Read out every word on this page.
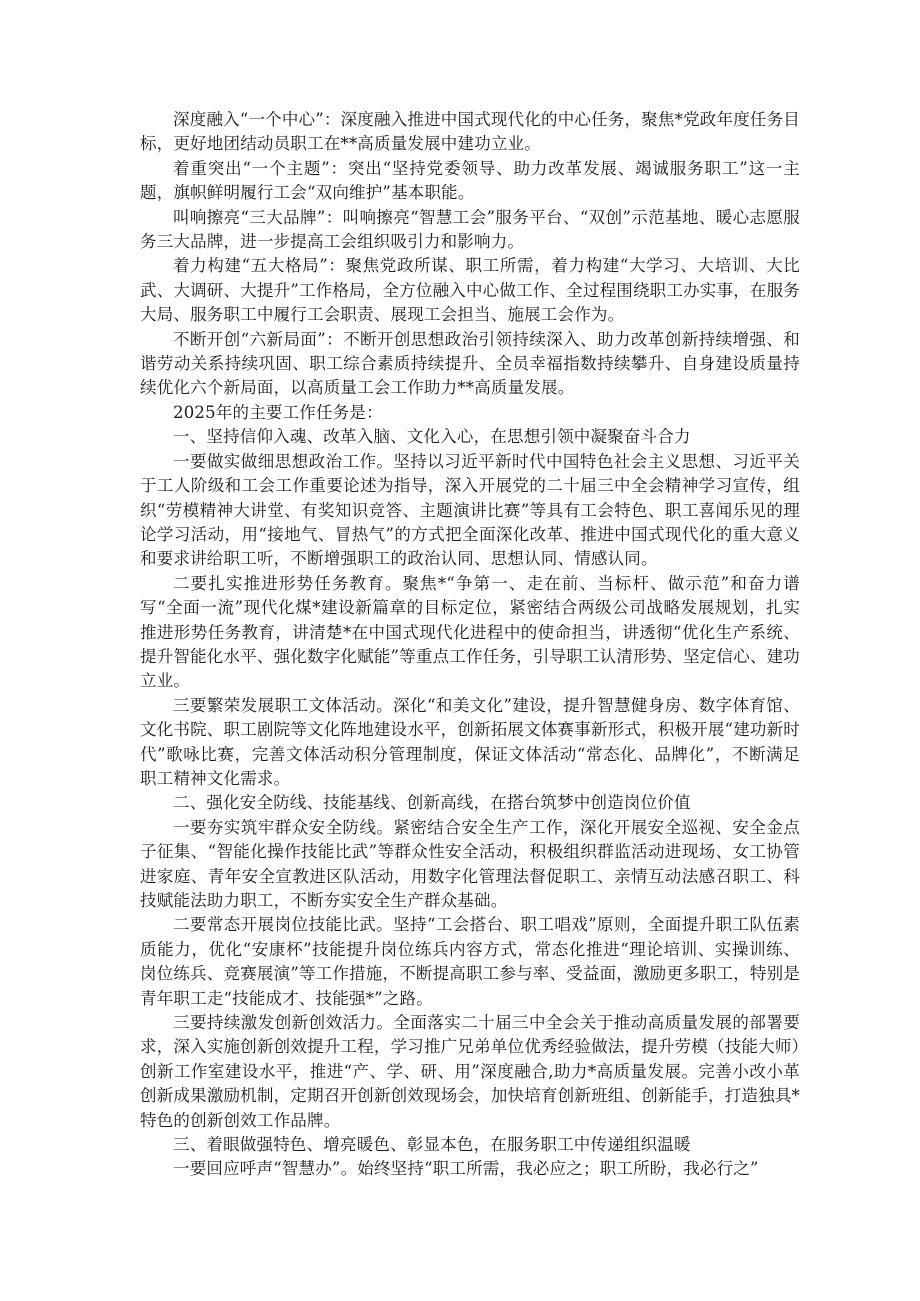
深度融入“一个中心”：深度融入推进中国式现代化的中心任务，聚焦*党政年度任务目标，更好地团结动员职工在**高质量发展中建功立业。

着重突出“一个主题”：突出“坚持党委领导、助力改革发展、竭诚服务职工”这一主题，旗帜鲜明履行工会“双向维护”基本职能。

叫响擦亮“三大品牌”：叫响擦亮“智慧工会”服务平台、“双创”示范基地、暖心志愿服务三大品牌，进一步提高工会组织吸引力和影响力。

着力构建“五大格局”：聚焦党政所谋、职工所需，着力构建“大学习、大培训、大比武、大调研、大提升”工作格局，全方位融入中心做工作、全过程围绕职工办实事，在服务大局、服务职工中履行工会职责、展现工会担当、施展工会作为。

不断开创“六新局面”：不断开创思想政治引领持续深入、助力改革创新持续增强、和谐劳动关系持续巩固、职工综合素质持续提升、全员幸福指数持续攀升、自身建设质量持续优化六个新局面，以高质量工会工作助力**高质量发展。

2025年的主要工作任务是：

一、坚持信仰入魂、改革入脑、文化入心，在思想引领中凝聚奋斗合力

一要做实做细思想政治工作。坚持以习近平新时代中国特色社会主义思想、习近平关于工人阶级和工会工作重要论述为指导，深入开展党的二十届三中全会精神学习宣传，组织“劳模精神大讲堂、有奖知识竞答、主题演讲比赛”等具有工会特色、职工喜闻乐见的理论学习活动，用“接地气、冒热气”的方式把全面深化改革、推进中国式现代化的重大意义和要求讲给职工听，不断增强职工的政治认同、思想认同、情感认同。

二要扎实推进形势任务教育。聚焦*“争第一、走在前、当标杆、做示范”和奋力谱写“全面一流”现代化煤*建设新篇章的目标定位，紧密结合两级公司战略发展规划，扎实推进形势任务教育，讲清楚*在中国式现代化进程中的使命担当，讲透彻“优化生产系统、提升智能化水平、强化数字化赋能”等重点工作任务，引导职工认清形势、坚定信心、建功立业。

三要繁荣发展职工文体活动。深化“和美文化”建设，提升智慧健身房、数字体育馆、文化书院、职工剧院等文化阵地建设水平，创新拓展文体赛事新形式，积极开展“建功新时代”歌咏比赛，完善文体活动积分管理制度，保证文体活动“常态化、品牌化”，不断满足职工精神文化需求。

二、强化安全防线、技能基线、创新高线，在搭台筑梦中创造岗位价值

一要夯实筑牢群众安全防线。紧密结合安全生产工作，深化开展安全巡视、安全金点子征集、“智能化操作技能比武”等群众性安全活动，积极组织群监活动进现场、女工协管进家庭、青年安全宣教进区队活动，用数字化管理法督促职工、亲情互动法感召职工、科技赋能法助力职工，不断夯实安全生产群众基础。

二要常态开展岗位技能比武。坚持“工会搭台、职工唱戏”原则，全面提升职工队伍素质能力，优化“安康杯”技能提升岗位练兵内容方式，常态化推进“理论培训、实操训练、岗位练兵、竞赛展演”等工作措施，不断提高职工参与率、受益面，激励更多职工，特别是青年职工走“技能成才、技能强*”之路。

三要持续激发创新创效活力。全面落实二十届三中全会关于推动高质量发展的部署要求，深入实施创新创效提升工程，学习推广兄弟单位优秀经验做法，提升劳模（技能大师）创新工作室建设水平，推进“产、学、研、用”深度融合,助力*高质量发展。完善小改小革创新成果激励机制，定期召开创新创效现场会，加快培育创新班组、创新能手，打造独具*特色的创新创效工作品牌。

三、着眼做强特色、增亮暖色、彰显本色，在服务职工中传递组织温暖

一要回应呼声“智慧办”。始终坚持“职工所需，我必应之；职工所盼，我必行之”
